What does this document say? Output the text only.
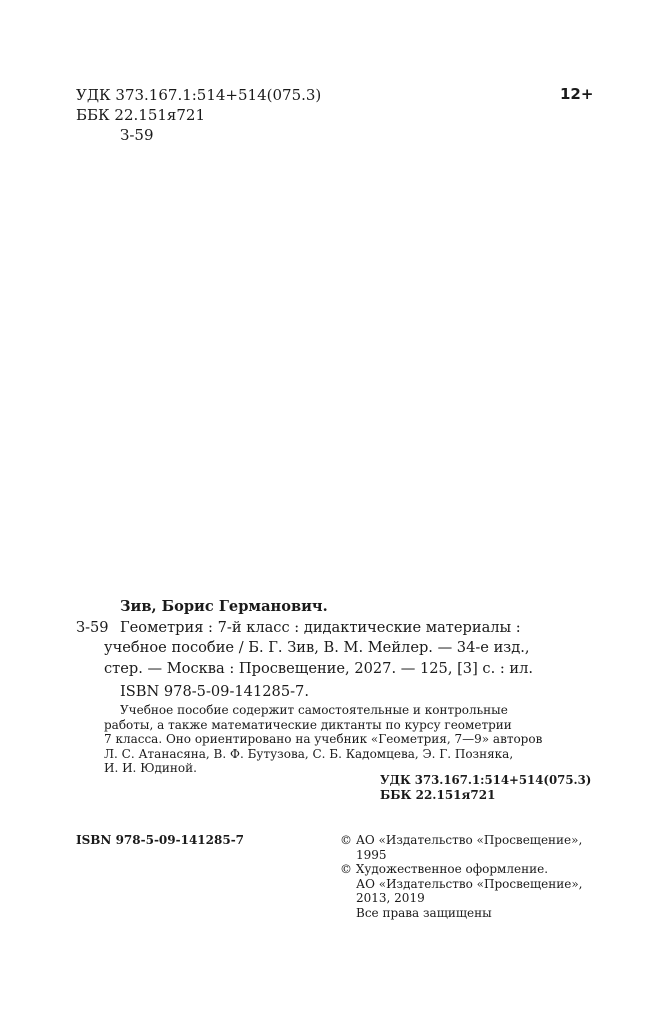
УДК 373.167.1:514+514(075.3)
ББК 22.151я721
З-59
12+
Зив, Борис Германович.
З-59 Геометрия : 7-й класс : дидактические материалы :
учебное пособие / Б. Г. Зив, В. М. Мейлер. — 34-е изд.,
стер. — Москва : Просвещение, 2027. — 125, [3] с. : ил.
ISBN 978-5-09-141285-7.
Учебное пособие содержит самостоятельные и контрольные
работы, а также математические диктанты по курсу геометрии
7 класса. Оно ориентировано на учебник «Геометрия, 7—9» авторов
Л. С. Атанасяна, В. Ф. Бутузова, С. Б. Кадомцева, Э. Г. Позняка,
И. И. Юдиной.
УДК 373.167.1:514+514(075.3)
ББК 22.151я721
ISBN 978-5-09-141285-7	© АО «Издательство «Просвещение»,
1995
© Художественное оформление.
АО «Издательство «Просвещение»,
2013, 2019
Все права защищены
